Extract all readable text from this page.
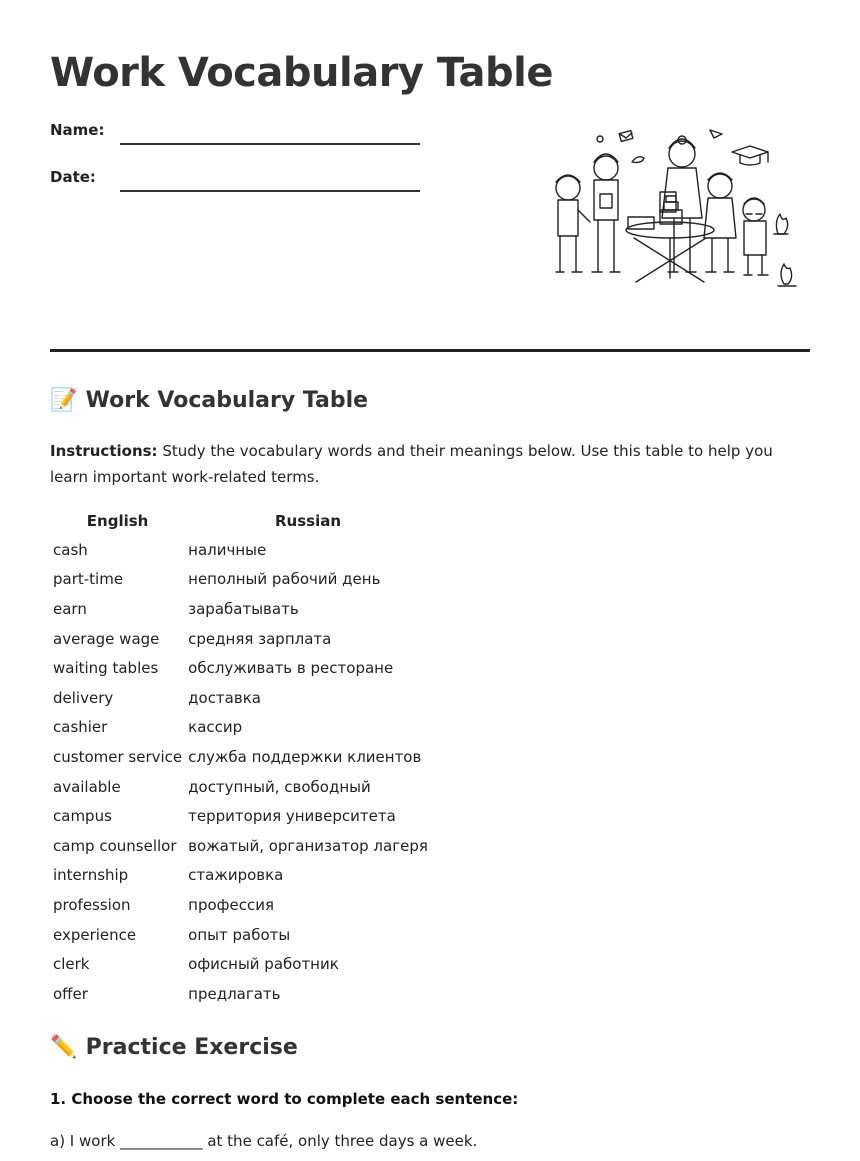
Work Vocabulary Table
Name:
Date:
📝 Work Vocabulary Table
Instructions: Study the vocabulary words and their meanings below. Use this table to help you learn important work-related terms.
English	Russian
cash	наличные
part-time	неполный рабочий день
earn	зарабатывать
average wage	средняя зарплата
waiting tables	обслуживать в ресторане
delivery	доставка
cashier	кассир
customer service	служба поддержки клиентов
available	доступный, свободный
campus	территория университета
camp counsellor	вожатый, организатор лагеря
internship	стажировка
profession	профессия
experience	опыт работы
clerk	офисный работник
offer	предлагать
✏️ Practice Exercise
1. Choose the correct word to complete each sentence:
a) I work ___________ at the café, only three days a week.
